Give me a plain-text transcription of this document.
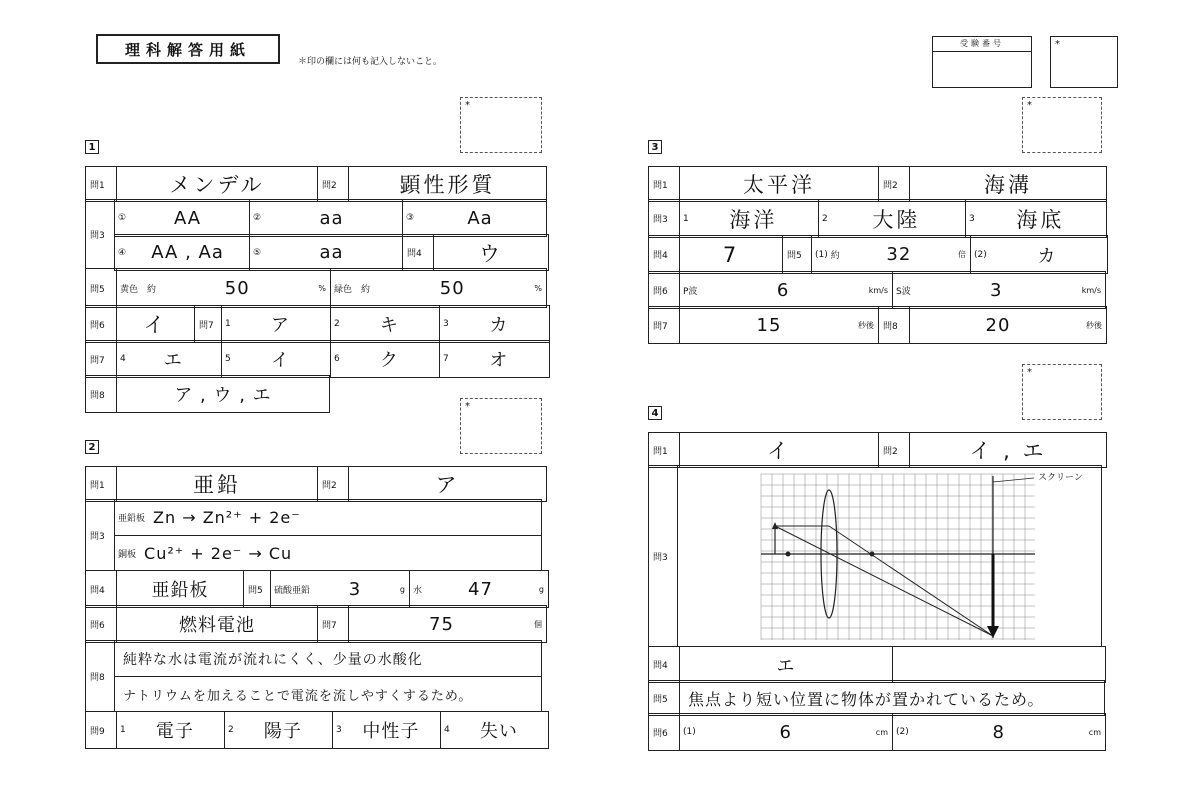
理科解答用紙
＊印の欄には何も記入しないこと。
受験番号	*
*	*
*
*
1
問1	メンデル	問2	顕性形質
問3
①	AA	②	aa	③	Aa
④	AA , Aa	⑤	aa	問4	ウ
問5	黄色　約	50	% 緑色　約	50	%
問6	イ	問7	1	ア	2	キ	3	カ
問7	4	エ	5	イ	6	ク	7	オ
問8	ア , ウ , エ
2
問1	亜鉛	問2	ア
問3
亜鉛板 Zn → Zn²⁺ + 2e⁻
銅板 Cu²⁺ + 2e⁻ → Cu
問4	亜鉛板	問5	硫酸亜鉛	3	g 水	47	g
問6	燃料電池	問7	75	個
問8
純粋な水は電流が流れにくく、少量の水酸化
ナトリウムを加えることで電流を流しやすくするため。
問9	1	電子	2	陽子	3	中性子	4	失い
3
問1	太平洋	問2	海溝
問3	1	海洋	2	大陸	3	海底
問4	7	問5	(1) 約	32	倍 (2)	カ
問6	P波	6	km/s S波	3	km/s
問7	15	秒後	問8	20	秒後
4
問1	イ	問2	イ , エ
問3
スクリーン
問4	エ
問5	焦点より短い位置に物体が置かれているため。
問6	(1)	6	cm (2)	8	cm
